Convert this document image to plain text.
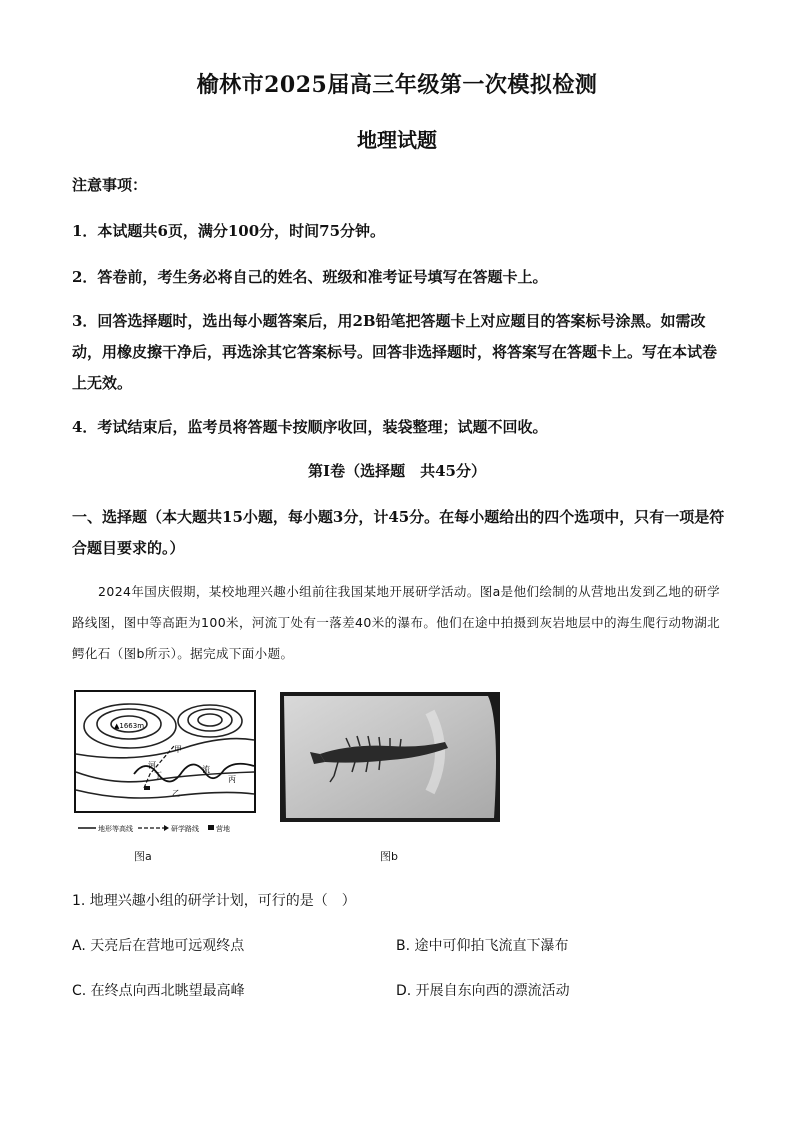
榆林市2025届高三年级第一次模拟检测
地理试题
注意事项：
1．本试题共6页，满分100分，时间75分钟。
2．答卷前，考生务必将自己的姓名、班级和准考证号填写在答题卡上。
3．回答选择题时，选出每小题答案后，用2B铅笔把答题卡上对应题目的答案标号涂黑。如需改动，用橡皮擦干净后，再选涂其它答案标号。回答非选择题时，将答案写在答题卡上。写在本试卷上无效。
4．考试结束后，监考员将答题卡按顺序收回，装袋整理；试题不回收。
第Ⅰ卷（选择题　共45分）
一、选择题（本大题共15小题，每小题3分，计45分。在每小题给出的四个选项中，只有一项是符合题目要求的。）
2024年国庆假期，某校地理兴趣小组前往我国某地开展研学活动。图a是他们绘制的从营地出发到乙地的研学路线图，图中等高距为100米，河流丁处有一落差40米的瀑布。他们在途中拍摄到灰岩地层中的海生爬行动物湖北鳄化石（图b所示）。据完成下面小题。
▲1663m
河
甲
丁
流
丙
乙
地形等高线	研学路线 营地
图a	图b
1. 地理兴趣小组的研学计划，可行的是（　）
A. 天亮后在营地可远观终点	B. 途中可仰拍飞流直下瀑布
C. 在终点向西北眺望最高峰	D. 开展自东向西的漂流活动
